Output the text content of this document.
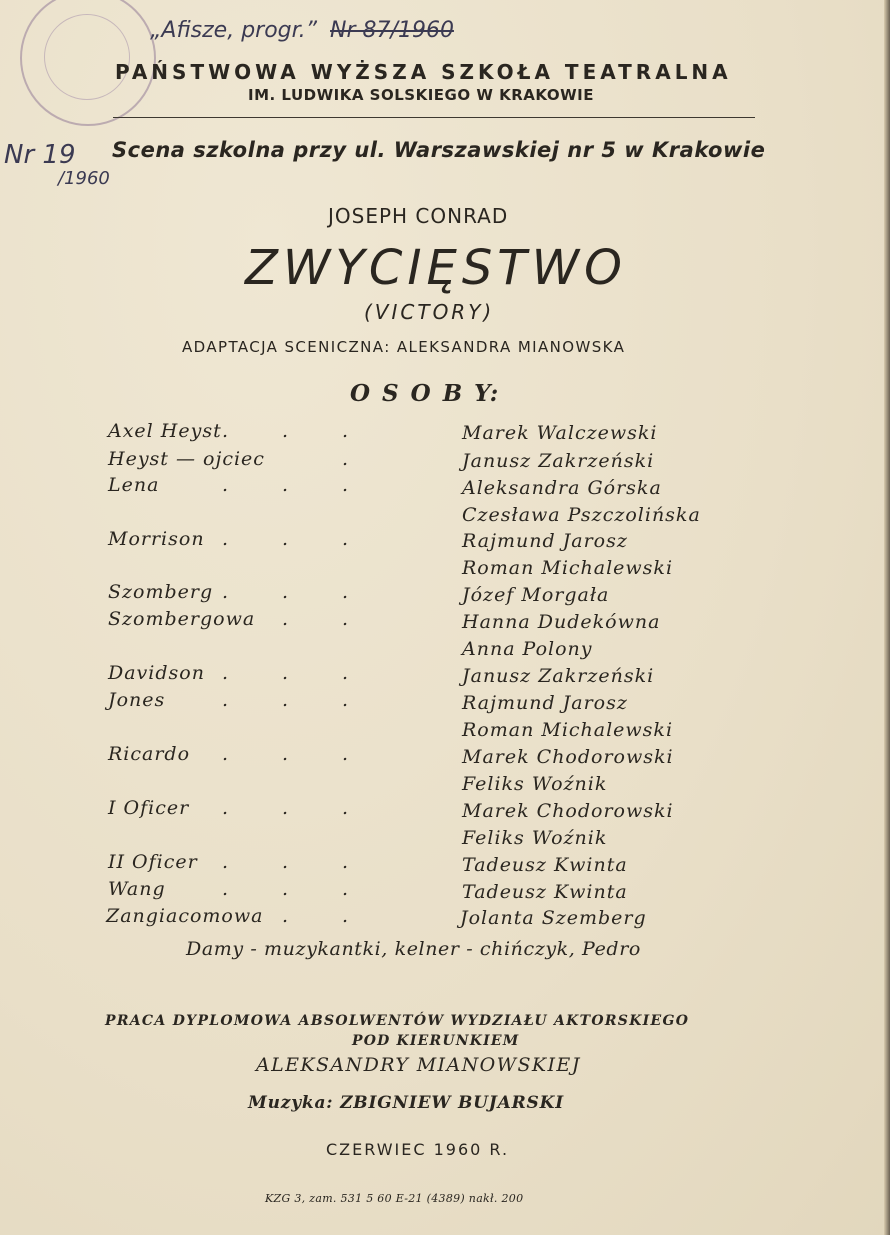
„Afisze, progr.” Nr 87/1960
Nr 19
/1960
PAŃSTWOWA WYŻSZA SZKOŁA TEATRALNA
IM. LUDWIKA SOLSKIEGO W KRAKOWIE
Scena szkolna przy ul. Warszawskiej nr 5 w Krakowie
JOSEPH CONRAD
ZWYCIĘSTWO
(VICTORY)
ADAPTACJA SCENICZNA: ALEKSANDRA MIANOWSKA
O S O B Y:
Axel Heyst .	.	.	Marek Walczewski
Heyst — ojciec	.	Janusz Zakrzeński
Lena	.	.	.	Aleksandra Górska
Czesława Pszczolińska
Morrison .	.	.	Rajmund Jarosz
Roman Michalewski
Szomberg .	.	.	Józef Morgała
Szombergowa .	.	Hanna Dudekówna
Anna Polony
Davidson .	.	.	Janusz Zakrzeński
Jones	.	.	.	Rajmund Jarosz
Roman Michalewski
Ricardo .	.	.	Marek Chodorowski
Feliks Woźnik
I Oficer .	.	.	Marek Chodorowski
Feliks Woźnik
II Oficer .	.	.	Tadeusz Kwinta
Wang	.	.	.	Tadeusz Kwinta
Zangiacomowa .	.	Jolanta Szemberg
Damy - muzykantki, kelner - chińczyk, Pedro
PRACA DYPLOMOWA ABSOLWENTÓW WYDZIAŁU AKTORSKIEGO
POD KIERUNKIEM
ALEKSANDRY MIANOWSKIEJ
Muzyka: ZBIGNIEW BUJARSKI
CZERWIEC 1960 R.
KZG 3, zam. 531 5 60 E-21 (4389) nakł. 200
